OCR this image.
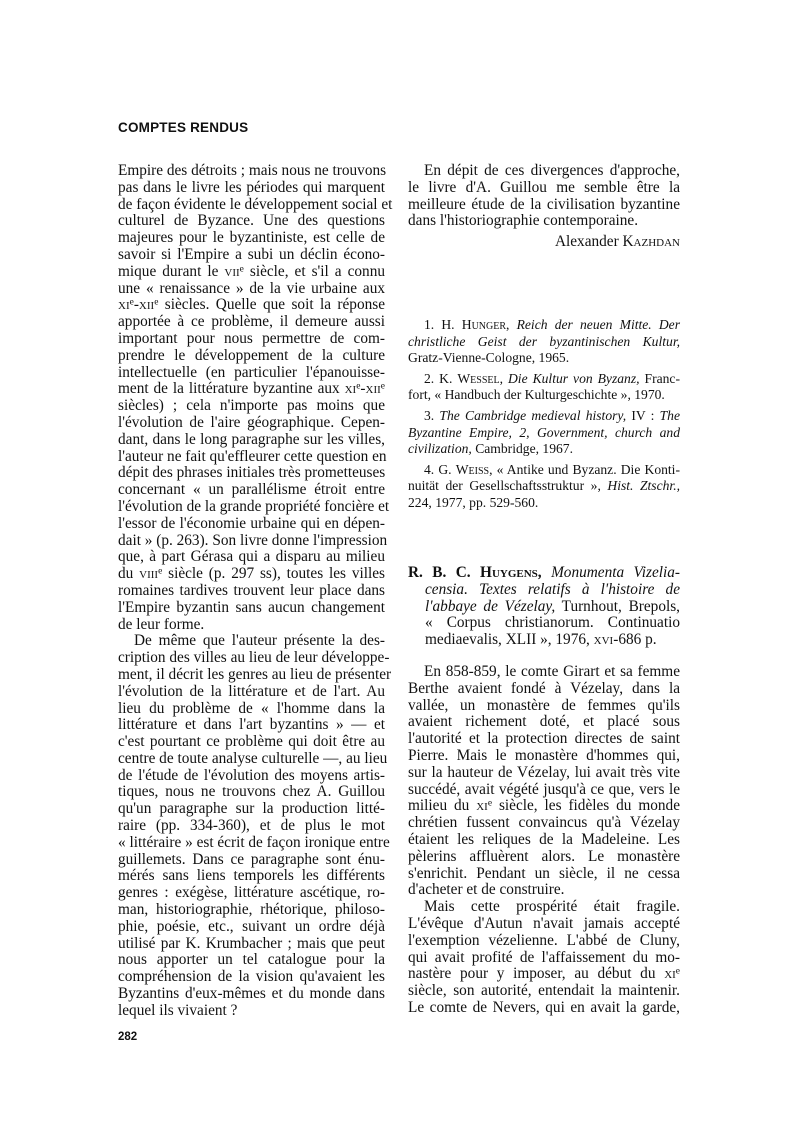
COMPTES RENDUS
Empire des détroits ; mais nous ne trouvons
pas dans le livre les périodes qui marquent
de façon évidente le développement social et
culturel de Byzance. Une des questions
majeures pour le byzantiniste, est celle de
savoir si l'Empire a subi un déclin écono-
mique durant le vii$^e$ siècle, et s'il a connu
une « renaissance » de la vie urbaine aux
$xi^e-xii^e$ siècles. Quelle que soit la réponse
apportée à ce problème, il demeure aussi
important pour nous permettre de com-
prendre le développement de la culture
intellectuelle (en particulier l'épanouisse-
ment de la littérature byzantine aux $xi^e-xii^e$
siècles) ; cela n'importe pas moins que
l'évolution de l'aire géographique. Cepen-
dant, dans le long paragraphe sur les villes,
l'auteur ne fait qu'effleurer cette question en
dépit des phrases initiales très prometteuses
concernant « un parallélisme étroit entre
l'évolution de la grande propriété foncière et
l'essor de l'économie urbaine qui en dépen-
dait » (p. 263). Son livre donne l'impression
que, à part Gérasa qui a disparu au milieu
du viii$^e$ siècle (p. 297 ss), toutes les villes
romaines tardives trouvent leur place dans
l'Empire byzantin sans aucun changement
de leur forme.
De même que l'auteur présente la des-
cription des villes au lieu de leur développe-
ment, il décrit les genres au lieu de présenter
l'évolution de la littérature et de l'art. Au
lieu du problème de « l'homme dans la
littérature et dans l'art byzantins » — et
c'est pourtant ce problème qui doit être au
centre de toute analyse culturelle —, au lieu
de l'étude de l'évolution des moyens artis-
tiques, nous ne trouvons chez A. Guillou
qu'un paragraphe sur la production litté-
raire (pp. 334-360), et de plus le mot
« littéraire » est écrit de façon ironique entre
guillemets. Dans ce paragraphe sont énu-
mérés sans liens temporels les différents
genres : exégèse, littérature ascétique, ro-
man, historiographie, rhétorique, philoso-
phie, poésie, etc., suivant un ordre déjà
utilisé par K. Krumbacher ; mais que peut
nous apporter un tel catalogue pour la
compréhension de la vision qu'avaient les
Byzantins d'eux-mêmes et du monde dans
lequel ils vivaient ?
En dépit de ces divergences d'approche,
le livre d'A. Guillou me semble être la
meilleure étude de la civilisation byzantine
dans l'historiographie contemporaine.
Alexander Kazhdan
1. H. Hunger, Reich der neuen Mitte. Der
christliche Geist der byzantinischen Kultur,
Gratz-Vienne-Cologne, 1965.
2. K. Wessel, Die Kultur von Byzanz, Franc-
fort, « Handbuch der Kulturgeschichte », 1970.
3. The Cambridge medieval history, IV : The
Byzantine Empire, 2, Government, church and
civilization, Cambridge, 1967.
4. G. Weiss, « Antike und Byzanz. Die Konti-
nuität der Gesellschaftsstruktur », Hist. Ztschr.,
224, 1977, pp. 529-560.
R. B. C. Huygens, Monumenta Vizelia-
censia. Textes relatifs à l'histoire de
l'abbaye de Vézelay, Turnhout, Brepols,
« Corpus christianorum. Continuatio
mediaevalis, XLII », 1976, xvi-686 p.
En 858-859, le comte Girart et sa femme
Berthe avaient fondé à Vézelay, dans la
vallée, un monastère de femmes qu'ils
avaient richement doté, et placé sous
l'autorité et la protection directes de saint
Pierre. Mais le monastère d'hommes qui,
sur la hauteur de Vézelay, lui avait très vite
succédé, avait végété jusqu'à ce que, vers le
milieu du $xi^e$ siècle, les fidèles du monde
chrétien fussent convaincus qu'à Vézelay
étaient les reliques de la Madeleine. Les
pèlerins affluèrent alors. Le monastère
s'enrichit. Pendant un siècle, il ne cessa
d'acheter et de construire.
Mais cette prospérité était fragile.
L'évêque d'Autun n'avait jamais accepté
l'exemption vézelienne. L'abbé de Cluny,
qui avait profité de l'affaissement du mo-
nastère pour y imposer, au début du $xi^e$
siècle, son autorité, entendait la maintenir.
Le comte de Nevers, qui en avait la garde,
282
